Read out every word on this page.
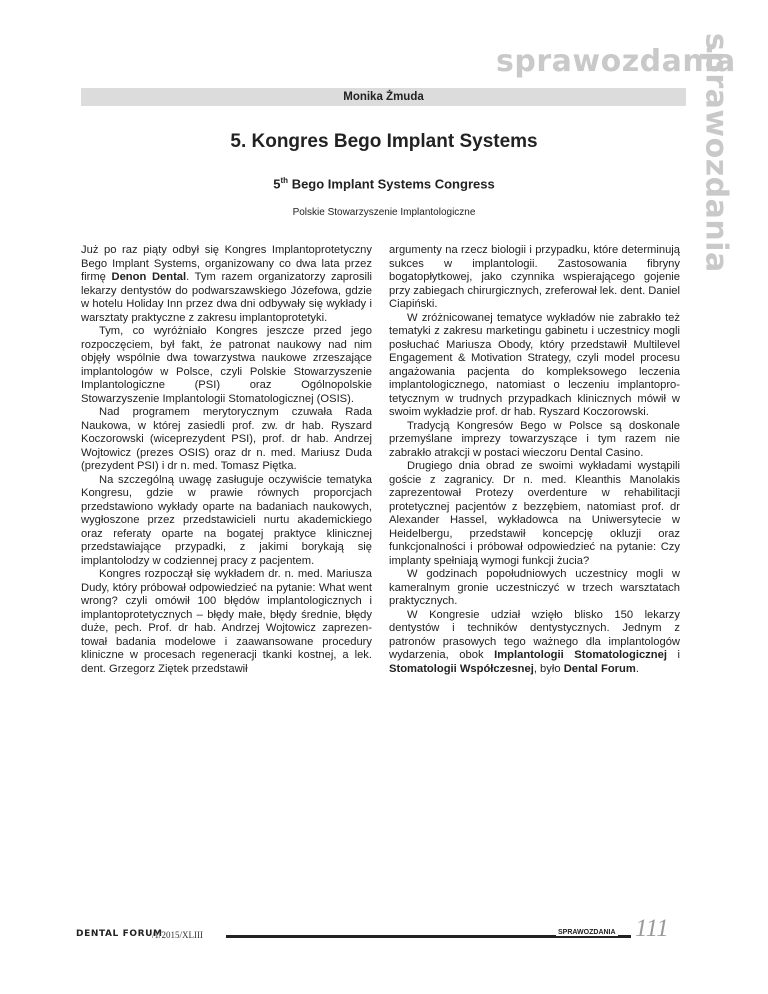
sprawozdania
sprawozdania
Monika Żmuda
5. Kongres Bego Implant Systems
5th Bego Implant Systems Congress
Polskie Stowarzyszenie Implantologiczne

Już po raz piąty odbył się Kongres Implantoprotetyczny Bego Implant Systems, organizowany co dwa lata przez firmę Denon Dental. Tym razem organizatorzy zaprosili lekarzy dentystów do podwarszawskiego Józefowa, gdzie w hotelu Holiday Inn przez dwa dni odbywały się wykłady i warsztaty praktyczne z zakresu implantoprotetyki.

Tym, co wyróżniało Kongres jeszcze przed jego rozpoczęciem, był fakt, że patronat naukowy nad nim objęły wspólnie dwa towarzystwa naukowe zrzeszające implantologów w Polsce, czyli Polskie Stowarzyszenie Implantologiczne (PSI) oraz Ogólnopolskie Stowarzyszenie Implantologii Stomatologicznej (OSIS).

Nad programem merytorycznym czuwała Rada Naukowa, w której zasiedli prof. zw. dr hab. Ryszard Koczorowski (wiceprezydent PSI), prof. dr hab. Andrzej Wojtowicz (prezes OSIS) oraz dr n. med. Mariusz Duda (prezydent PSI) i dr n. med. Tomasz Piętka.

Na szczególną uwagę zasługuje oczywiście tematyka Kongresu, gdzie w prawie równych proporcjach przedstawiono wykłady oparte na badaniach naukowych, wygłoszone przez przedstawicieli nurtu akademickiego oraz referaty oparte na bogatej praktyce klinicznej przedstawiające przypadki, z jakimi borykają się implantolodzy w codziennej pracy z pacjentem.

Kongres rozpoczął się wykładem dr. n. med. Mariusza Dudy, który próbował odpowiedzieć na pytanie: What went wrong? czyli omówił 100 błędów implantologicznych i implantoprotetycznych – błędy małe, błędy średnie, błędy duże, pech. Prof. dr hab. Andrzej Wojtowicz zaprezentował badania modelowe i zaawansowane procedury kliniczne w procesach regeneracji tkanki kostnej, a lek. dent. Grzegorz Ziętek przedstawił

argumenty na rzecz biologii i przypadku, które determinują sukces w implantologii. Zastosowania fibryny bogatopłytkowej, jako czynnika wspierającego gojenie przy zabiegach chirurgicznych, zreferował lek. dent. Daniel Ciapiński.

W zróżnicowanej tematyce wykładów nie zabrakło też tematyki z zakresu marketingu gabinetu i uczestnicy mogli posłuchać Mariusza Obody, który przedstawił Multilevel Engagement & Motivation Strategy, czyli model procesu angażowania pacjenta do kompleksowego leczenia implantologicznego, natomiast o leczeniu implantoprotetycznym w trudnych przypadkach klinicznych mówił w swoim wykładzie prof. dr hab. Ryszard Koczorowski.

Tradycją Kongresów Bego w Polsce są doskonale przemyślane imprezy towarzyszące i tym razem nie zabrakło atrakcji w postaci wieczoru Dental Casino.

Drugiego dnia obrad ze swoimi wykładami wystąpili goście z zagranicy. Dr n. med. Kleanthis Manolakis zaprezentował Protezy overdenture w rehabilitacji protetycznej pacjentów z bezzębiem, natomiast prof. dr Alexander Hassel, wykładowca na Uniwersytecie w Heidelbergu, przedstawił koncepcję okluzji oraz funkcjonalności i próbował odpowiedzieć na pytanie: Czy implanty spełniają wymogi funkcji żucia?

W godzinach popołudniowych uczestnicy mogli w kameralnym gronie uczestniczyć w trzech warsztatach praktycznych.

W Kongresie udział wzięło blisko 150 lekarzy dentystów i techników dentystycznych. Jednym z patronów prasowych tego ważnego dla implantologów wydarzenia, obok Implantologii Stomatologicznej i Stomatologii Współczesnej, było Dental Forum.

DENTAL FORUM
/1/2015/XLIII	SPRAWOZDANIA 111
